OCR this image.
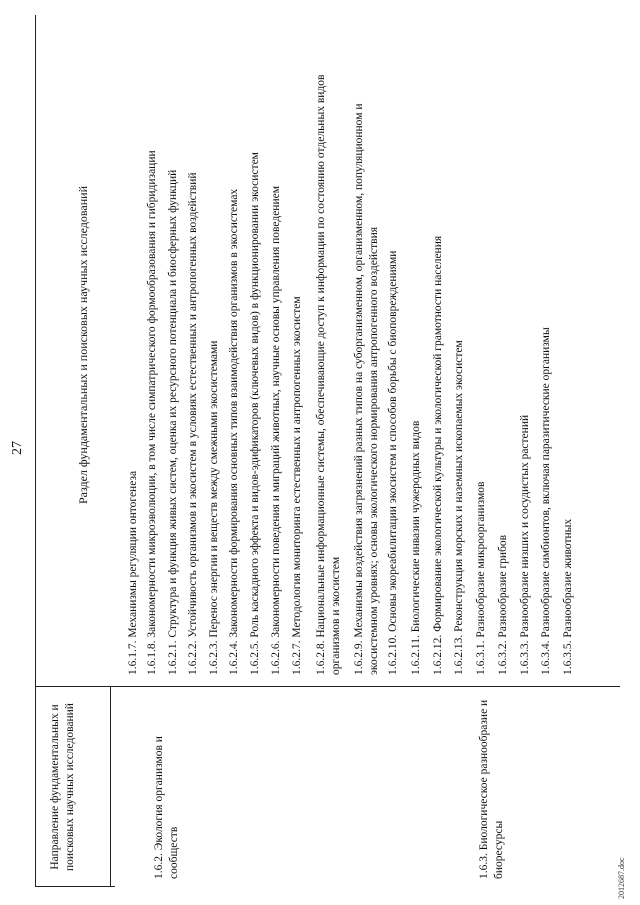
27
Направление фундаментальных и поисковых научных исследований
Раздел фундаментальных и поисковых научных исследований
1.6.2. Экология организмов и сообществ	1.6.3. Биологическое разнообразие и биоресурсы
1.6.1.7. Механизмы регуляции онтогенеза 1.6.1.8. Закономерности микроэволюции, в том числе симпатрического формообразования и гибридизации 1.6.2.1. Структура и функция живых систем, оценка их ресурсного потенциала и биосферных функций 1.6.2.2. Устойчивость организмов и экосистем в условиях естественных и антропогенных воздействий 1.6.2.3. Перенос энергии и веществ между смежными экосистемами 1.6.2.4. Закономерности формирования основных типов взаимодействия организмов в экосистемах 1.6.2.5. Роль каскадного эффекта и видов-эдификаторов (ключевых видов) в функционировании экосистем 1.6.2.6. Закономерности поведения и миграций животных, научные основы управления поведением 1.6.2.7. Методология мониторинга естественных и антропогенных экосистем 1.6.2.8. Национальные информационные системы, обеспечивающие доступ к информации по состоянию отдельных видов организмов и экосистем 1.6.2.9. Механизмы воздействия загрязнений разных типов на суборганизменном, организменном, популяционном и экосистемном уровнях; основы экологического нормирования антропогенного воздействия 1.6.2.10. Основы экореабилитации экосистем и способов борьбы с биоповреждениями 1.6.2.11. Биологические инвазии чужеродных видов 1.6.2.12. Формирование экологической культуры и экологической грамотности населения 1.6.2.13. Реконструкция морских и наземных ископаемых экосистем 1.6.3.1. Разнообразие микроорганизмов 1.6.3.2. Разнообразие грибов 1.6.3.3. Разнообразие низших и сосудистых растений 1.6.3.4. Разнообразие симбионтов, включая паразитические организмы 1.6.3.5. Разнообразие животных
2012687.doc
